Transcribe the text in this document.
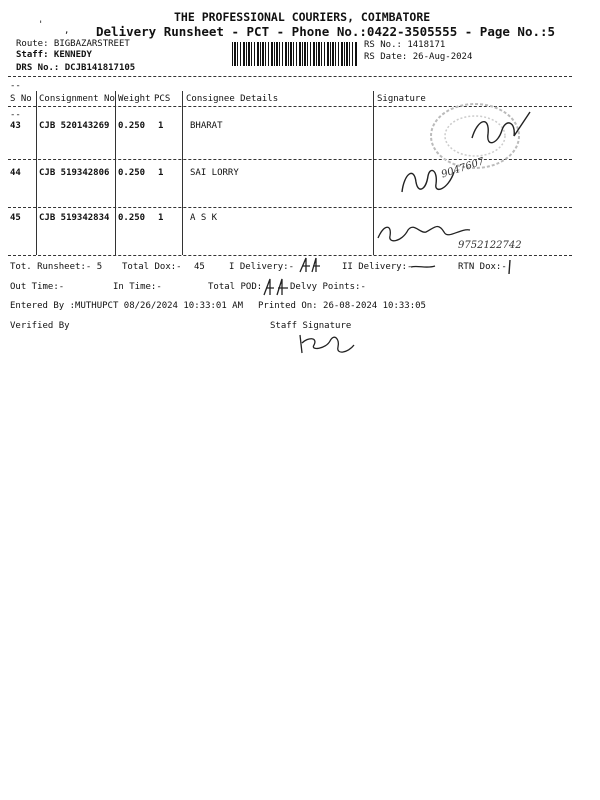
THE PROFESSIONAL COURIERS, COIMBATORE
'
, Delivery Runsheet - PCT - Phone No.:0422-3505555 - Page No.:5
Route: BIGBAZARSTREET
Staff: KENNEDY
DRS No.: DCJB141817105
RS No.: 1418171
RS Date: 26-Aug-2024
--
S No Consignment No Weight PCS Consignee Details	Signature
--
43 CJB 520143269 0.250 1	BHARAT
44 CJB 519342806 0.250 1	SAI LORRY
45 CJB 519342834 0.250 1	A S K
9047607
9752122742
Tot. Runsheet:- 5 Total Dox:- 45	I Delivery:-	II Delivery:-	RTN Dox:-
Out Time:-	In Time:-	Total POD:	Delvy Points:-
Entered By :MUTHUPCT 08/26/2024 10:33:01 AM Printed On: 26-08-2024 10:33:05
Verified By	Staff Signature
